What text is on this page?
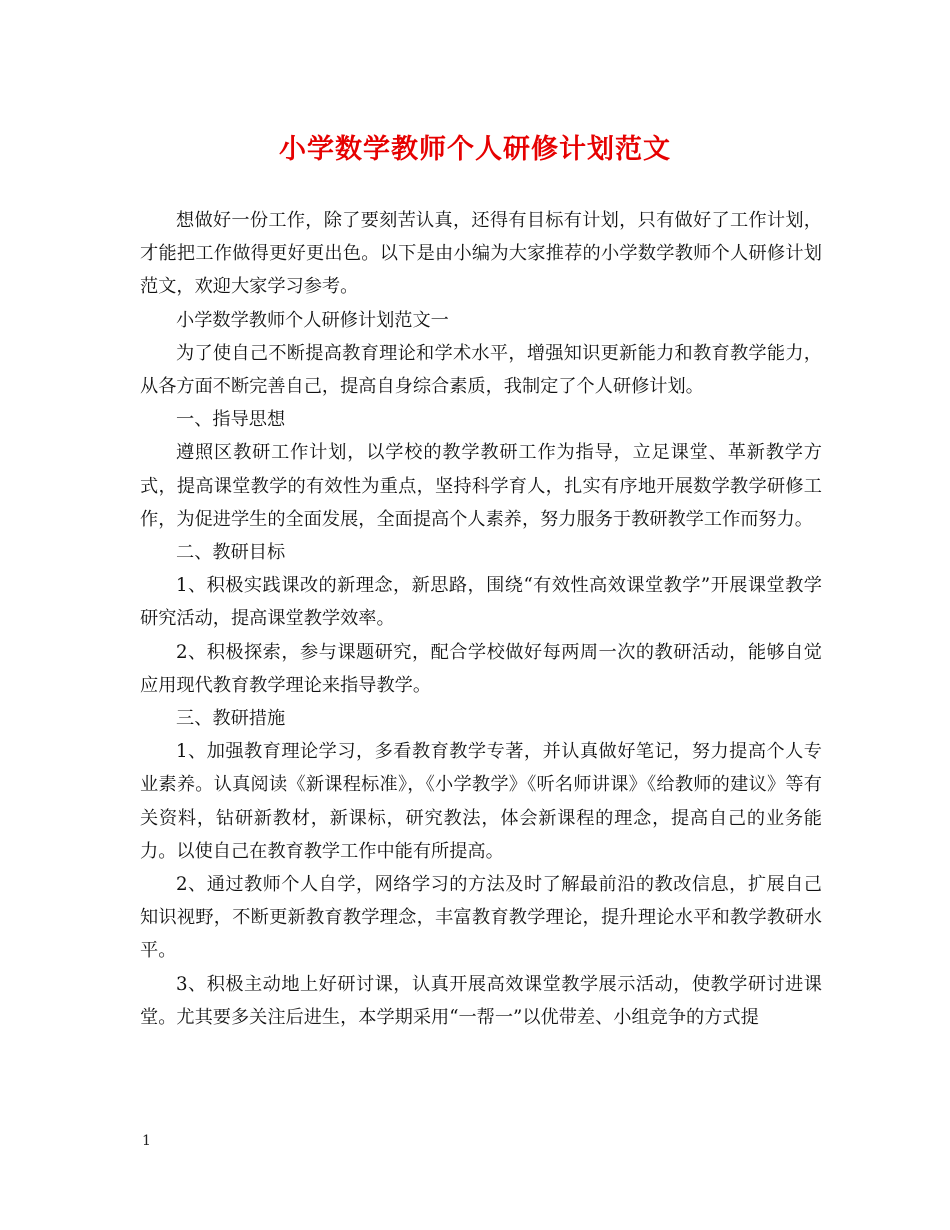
小学数学教师个人研修计划范文

想做好一份工作，除了要刻苦认真，还得有目标有计划，只有做好了工作计划，才能把工作做得更好更出色。以下是由小编为大家推荐的小学数学教师个人研修计划范文，欢迎大家学习参考。

小学数学教师个人研修计划范文一

为了使自己不断提高教育理论和学术水平，增强知识更新能力和教育教学能力，从各方面不断完善自己，提高自身综合素质，我制定了个人研修计划。

一、指导思想

遵照区教研工作计划，以学校的教学教研工作为指导，立足课堂、革新教学方式，提高课堂教学的有效性为重点，坚持科学育人，扎实有序地开展数学教学研修工作，为促进学生的全面发展，全面提高个人素养，努力服务于教研教学工作而努力。

二、教研目标

1、积极实践课改的新理念，新思路，围绕“有效性高效课堂教学”开展课堂教学研究活动，提高课堂教学效率。

2、积极探索，参与课题研究，配合学校做好每两周一次的教研活动，能够自觉应用现代教育教学理论来指导教学。

三、教研措施

1、加强教育理论学习，多看教育教学专著，并认真做好笔记，努力提高个人专业素养。认真阅读《新课程标准》，《小学教学》《听名师讲课》《给教师的建议》等有关资料，钻研新教材，新课标，研究教法，体会新课程的理念，提高自己的业务能力。以使自己在教育教学工作中能有所提高。

2、通过教师个人自学，网络学习的方法及时了解最前沿的教改信息，扩展自己知识视野，不断更新教育教学理念，丰富教育教学理论，提升理论水平和教学教研水平。

3、积极主动地上好研讨课，认真开展高效课堂教学展示活动，使教学研讨进课堂。尤其要多关注后进生，本学期采用“一帮一”以优带差、小组竞争的方式提

1
